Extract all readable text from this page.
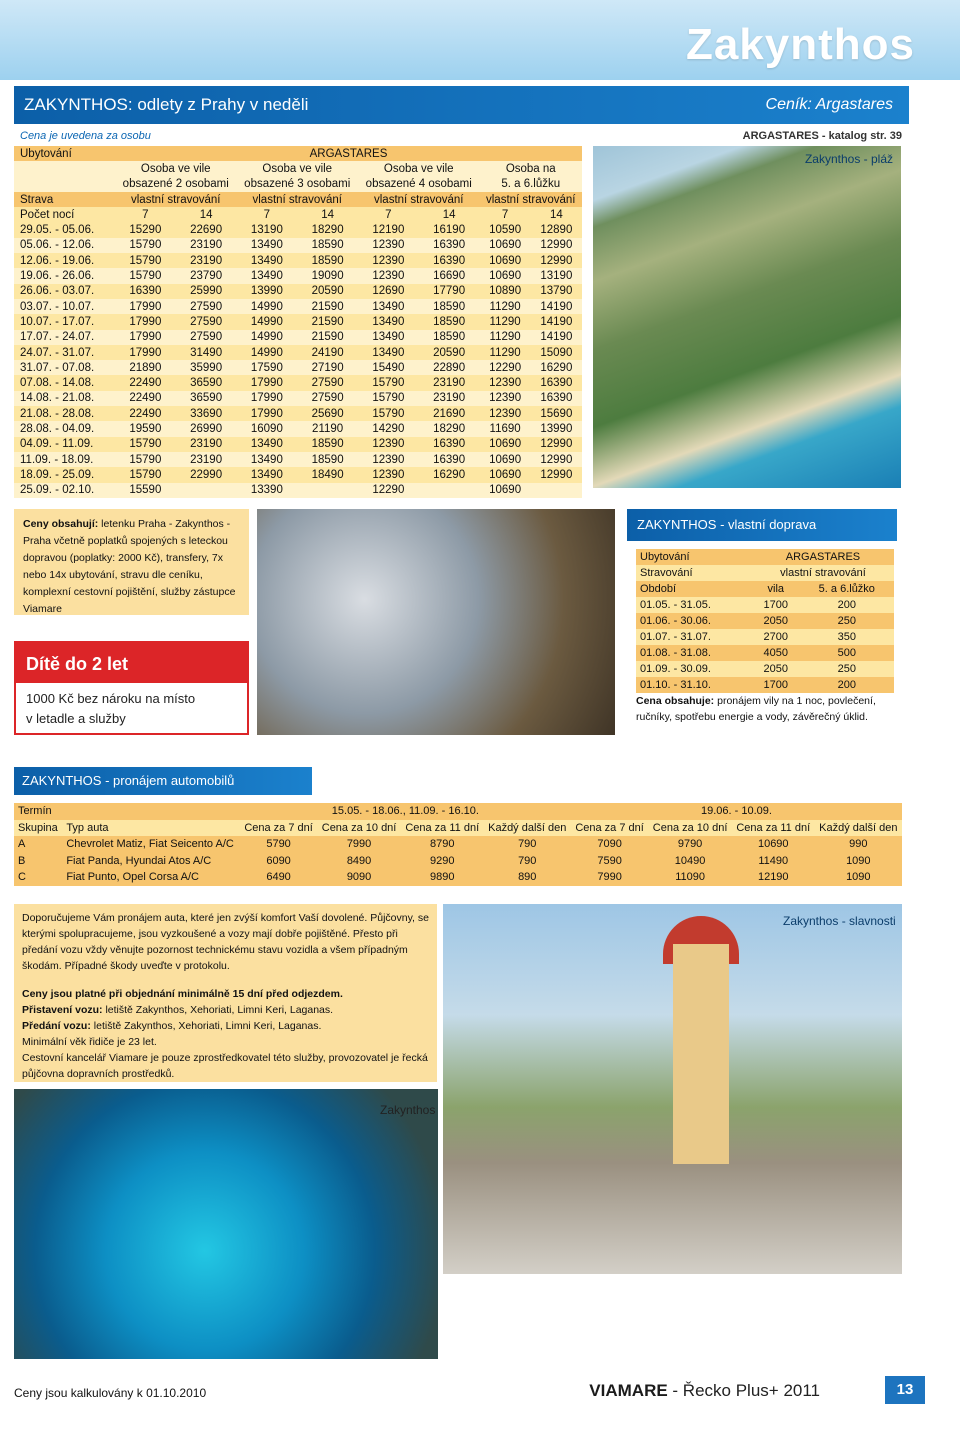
Zakynthos
ZAKYNTHOS: odlety z Prahy v neděli	Ceník: Argastares
Cena je uvedena za osobu	ARGASTARES - katalog str. 39
Ubytování	ARGASTARES							
	Osoba ve vile		Osoba ve vile		Osoba ve vile		Osoba na	
	obsazené 2 osobami		obsazené 3 osobami		obsazené 4 osobami		5. a 6.lůžku	
Strava	vlastní stravování		vlastní stravování		vlastní stravování		vlastní stravování	
Počet nocí	7	14	7	14	7	14	7	14
29.05. - 05.06.	15290	22690	13190	18290	12190	16190	10590	12890
05.06. - 12.06.	15790	23190	13490	18590	12390	16390	10690	12990
12.06. - 19.06.	15790	23190	13490	18590	12390	16390	10690	12990
19.06. - 26.06.	15790	23790	13490	19090	12390	16690	10690	13190
26.06. - 03.07.	16390	25990	13990	20590	12690	17790	10890	13790
03.07. - 10.07.	17990	27590	14990	21590	13490	18590	11290	14190
10.07. - 17.07.	17990	27590	14990	21590	13490	18590	11290	14190
17.07. - 24.07.	17990	27590	14990	21590	13490	18590	11290	14190
24.07. - 31.07.	17990	31490	14990	24190	13490	20590	11290	15090
31.07. - 07.08.	21890	35990	17590	27190	15490	22890	12290	16290
07.08. - 14.08.	22490	36590	17990	27590	15790	23190	12390	16390
14.08. - 21.08.	22490	36590	17990	27590	15790	23190	12390	16390
21.08. - 28.08.	22490	33690	17990	25690	15790	21690	12390	15690
28.08. - 04.09.	19590	26990	16090	21190	14290	18290	11690	13990
04.09. - 11.09.	15790	23190	13490	18590	12390	16390	10690	12990
11.09. - 18.09.	15790	23190	13490	18590	12390	16390	10690	12990
18.09. - 25.09.	15790	22990	13490	18490	12390	16290	10690	12990
25.09. - 02.10.	15590		13390		12290		10690	
Zakynthos - pláž
Ceny obsahují: letenku Praha - Zakynthos - Praha včetně poplatků spojených s leteckou dopravou (poplatky: 2000 Kč), transfery, 7x nebo 14x ubytování, stravu dle ceníku, komplexní cestovní pojištění, služby zástupce Viamare
Dítě do 2 let
1000 Kč bez nároku na místo
v letadle a služby
ZAKYNTHOS - vlastní doprava
Ubytování	ARGASTARES	
Stravování	vlastní stravování	
Období	vila	5. a 6.lůžko
01.05. - 31.05.	1700	200
01.06. - 30.06.	2050	250
01.07. - 31.07.	2700	350
01.08. - 31.08.	4050	500
01.09. - 30.09.	2050	250
01.10. - 31.10.	1700	200
Cena obsahuje: pronájem vily na 1 noc, povlečení, ručníky, spotřebu energie a vody, závěrečný úklid.
ZAKYNTHOS - pronájem automobilů
Termín		15.05. - 18.06., 11.09. - 16.10.				19.06. - 10.09.			
Skupina	Typ auta	Cena za 7 dní	Cena za 10 dní	Cena za 11 dní	Každý další den	Cena za 7 dní	Cena za 10 dní	Cena za 11 dní	Každý další den
A	Chevrolet Matiz, Fiat Seicento A/C	5790	7990	8790	790	7090	9790	10690	990
B	Fiat Panda, Hyundai Atos A/C	6090	8490	9290	790	7590	10490	11490	1090
C	Fiat Punto, Opel Corsa A/C	6490	9090	9890	890	7990	11090	12190	1090

Doporučujeme Vám pronájem auta, které jen zvýší komfort Vaší dovolené. Půjčovny, se kterými spolupracujeme, jsou vyzkoušené a vozy mají dobře pojištěné. Přesto při předání vozu vždy věnujte pozornost technickému stavu vozidla a všem případným škodám. Případné škody uveďte v protokolu.

Ceny jsou platné při objednání minimálně 15 dní před odjezdem.

Přistavení vozu: letiště Zakynthos, Xehoriati, Limni Keri, Laganas.

Předání vozu: letiště Zakynthos, Xehoriati, Limni Keri, Laganas.

Minimální věk řidiče je 23 let.

Cestovní kancelář Viamare je pouze zprostředkovatel této služby, provozovatel je řecká půjčovna dopravních prostředků.

Zakynthos - slavnosti
Zakynthos
Ceny jsou kalkulovány k 01.10.2010	VIAMARE - Řecko Plus+ 2011	13
